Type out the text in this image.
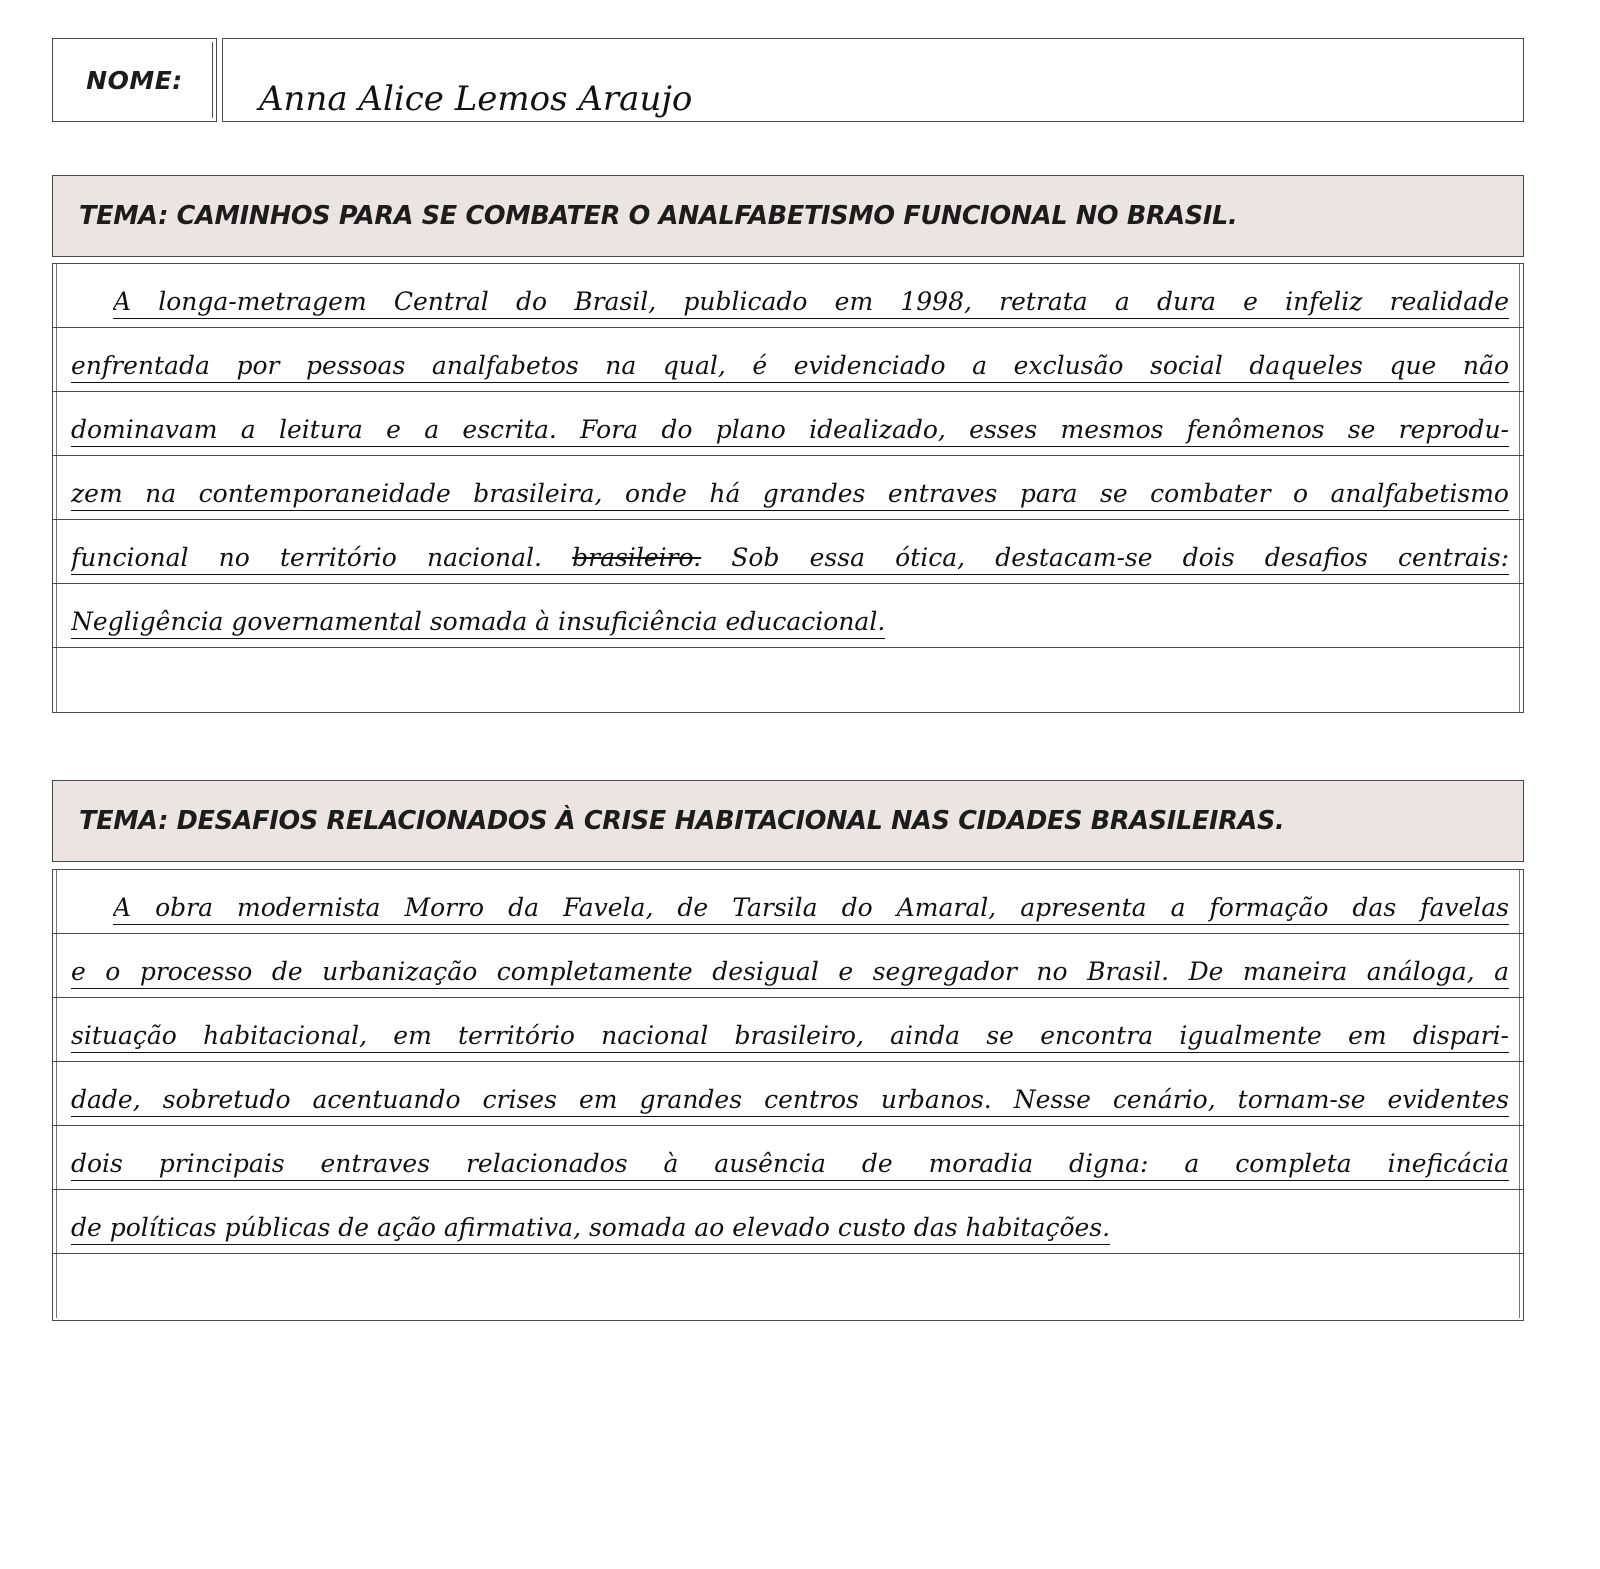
NOME:	Anna Alice Lemos Araujo
TEMA: CAMINHOS PARA SE COMBATER O ANALFABETISMO FUNCIONAL NO BRASIL.
A longa-metragem Central do Brasil, publicado em 1998, retrata a dura e infeliz realidade
enfrentada por pessoas analfabetos na qual, é evidenciado a exclusão social daqueles que não
dominavam a leitura e a escrita. Fora do plano idealizado, esses mesmos fenômenos se reprodu-
zem na contemporaneidade brasileira, onde há grandes entraves para se combater o analfabetismo
funcional no território nacional. brasileiro. Sob essa ótica, destacam-se dois desafios centrais:
Negligência governamental somada à insuficiência educacional.
TEMA: DESAFIOS RELACIONADOS À CRISE HABITACIONAL NAS CIDADES BRASILEIRAS.
A obra modernista Morro da Favela, de Tarsila do Amaral, apresenta a formação das favelas
e o processo de urbanização completamente desigual e segregador no Brasil. De maneira análoga, a
situação habitacional, em território nacional brasileiro, ainda se encontra igualmente em dispari-
dade, sobretudo acentuando crises em grandes centros urbanos. Nesse cenário, tornam-se evidentes
dois principais entraves relacionados à ausência de moradia digna: a completa ineficácia
de políticas públicas de ação afirmativa, somada ao elevado custo das habitações.
